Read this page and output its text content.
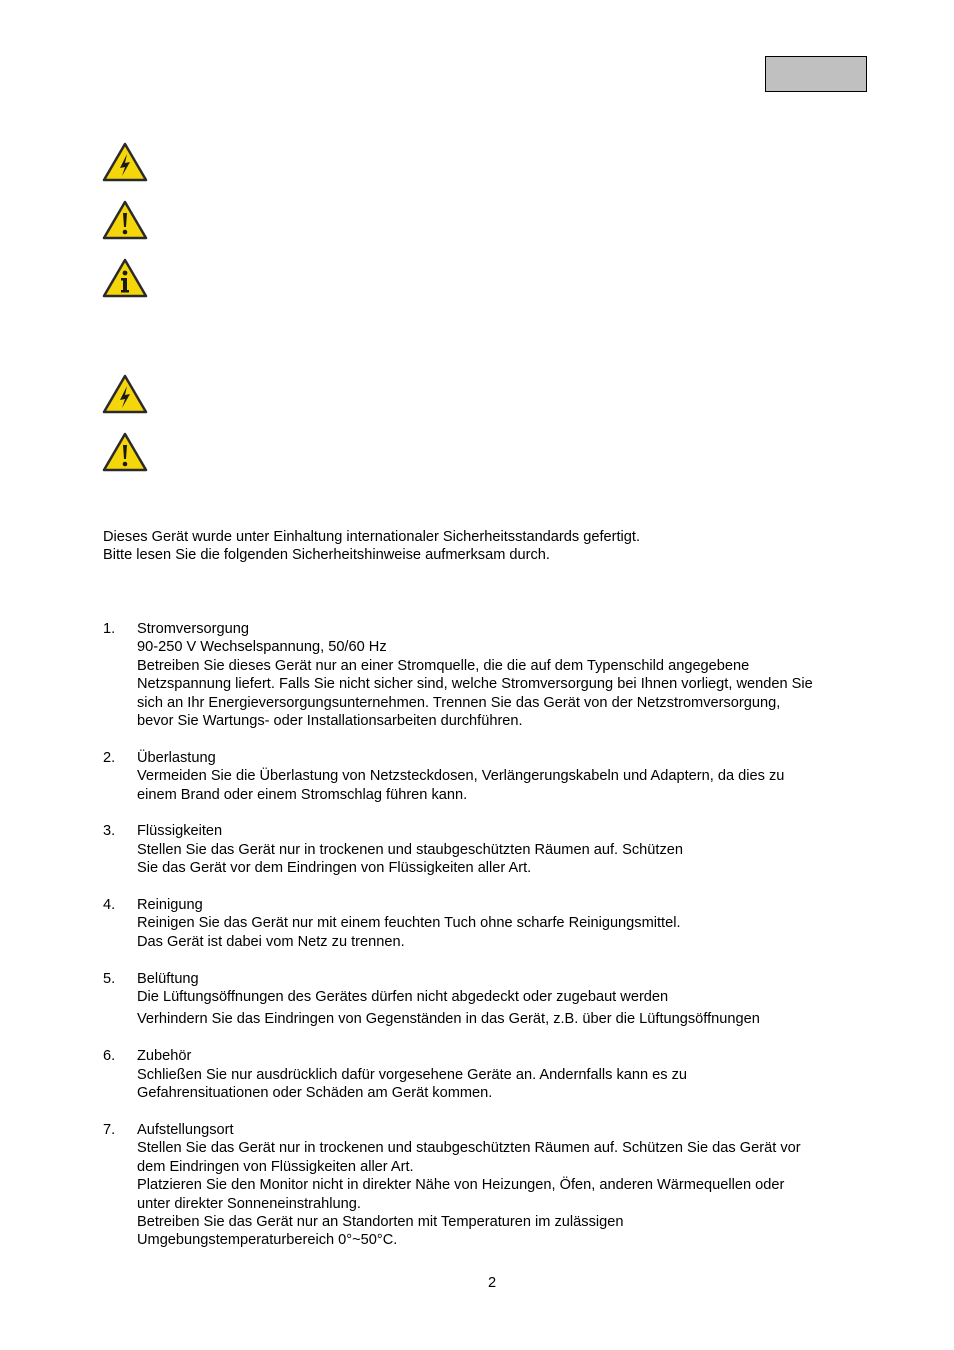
Dieses Gerät wurde unter Einhaltung internationaler Sicherheitsstandards gefertigt.

Bitte lesen Sie die folgenden Sicherheitshinweise aufmerksam durch.

1. Stromversorgung
90-250 V Wechselspannung, 50/60 Hz
Betreiben Sie dieses Gerät nur an einer Stromquelle, die die auf dem Typenschild angegebene
Netzspannung liefert. Falls Sie nicht sicher sind, welche Stromversorgung bei Ihnen vorliegt, wenden Sie
sich an Ihr Energieversorgungsunternehmen. Trennen Sie das Gerät von der Netzstromversorgung,
bevor Sie Wartungs- oder Installationsarbeiten durchführen.
2. Überlastung
Vermeiden Sie die Überlastung von Netzsteckdosen, Verlängerungskabeln und Adaptern, da dies zu
einem Brand oder einem Stromschlag führen kann.
3. Flüssigkeiten
Stellen Sie das Gerät nur in trockenen und staubgeschützten Räumen auf. Schützen
Sie das Gerät vor dem Eindringen von Flüssigkeiten aller Art.
4. Reinigung
Reinigen Sie das Gerät nur mit einem feuchten Tuch ohne scharfe Reinigungsmittel.
Das Gerät ist dabei vom Netz zu trennen.
5. Belüftung
Die Lüftungsöffnungen des Gerätes dürfen nicht abgedeckt oder zugebaut werden
Verhindern Sie das Eindringen von Gegenständen in das Gerät, z.B. über die Lüftungsöffnungen
6. Zubehör
Schließen Sie nur ausdrücklich dafür vorgesehene Geräte an. Andernfalls kann es zu
Gefahrensituationen oder Schäden am Gerät kommen.
7. Aufstellungsort
Stellen Sie das Gerät nur in trockenen und staubgeschützten Räumen auf. Schützen Sie das Gerät vor
dem Eindringen von Flüssigkeiten aller Art.
Platzieren Sie den Monitor nicht in direkter Nähe von Heizungen, Öfen, anderen Wärmequellen oder
unter direkter Sonneneinstrahlung.
Betreiben Sie das Gerät nur an Standorten mit Temperaturen im zulässigen
Umgebungstemperaturbereich 0°~50°C.
2
